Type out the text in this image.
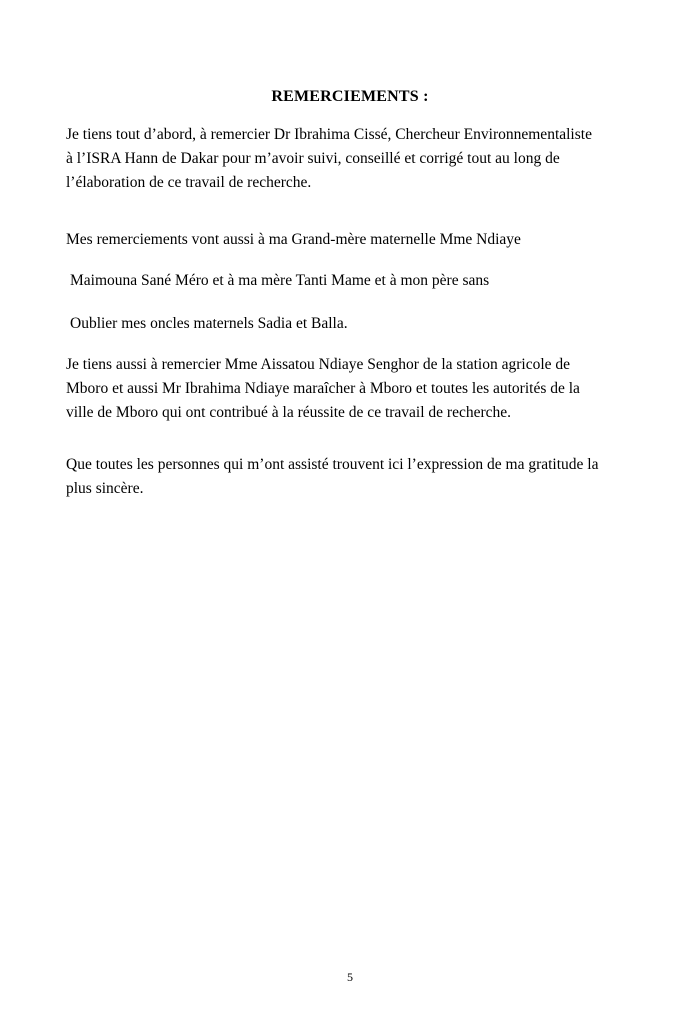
REMERCIEMENTS :
Je tiens tout d’abord, à remercier Dr Ibrahima Cissé, Chercheur Environnementaliste
à l’ISRA Hann de Dakar pour m’avoir suivi, conseillé et corrigé tout au long de
l’élaboration de ce travail de recherche.
Mes remerciements vont aussi à ma Grand-mère maternelle Mme Ndiaye
Maimouna Sané Méro et à ma mère Tanti Mame et à mon père sans
Oublier mes oncles maternels Sadia et Balla.
Je tiens aussi à remercier Mme Aissatou Ndiaye Senghor de la station agricole de
Mboro et aussi Mr Ibrahima Ndiaye maraîcher à Mboro et toutes les autorités de la
ville de Mboro qui ont contribué à la réussite de ce travail de recherche.
Que toutes les personnes qui m’ont assisté trouvent ici l’expression de ma gratitude la
plus sincère.
5
